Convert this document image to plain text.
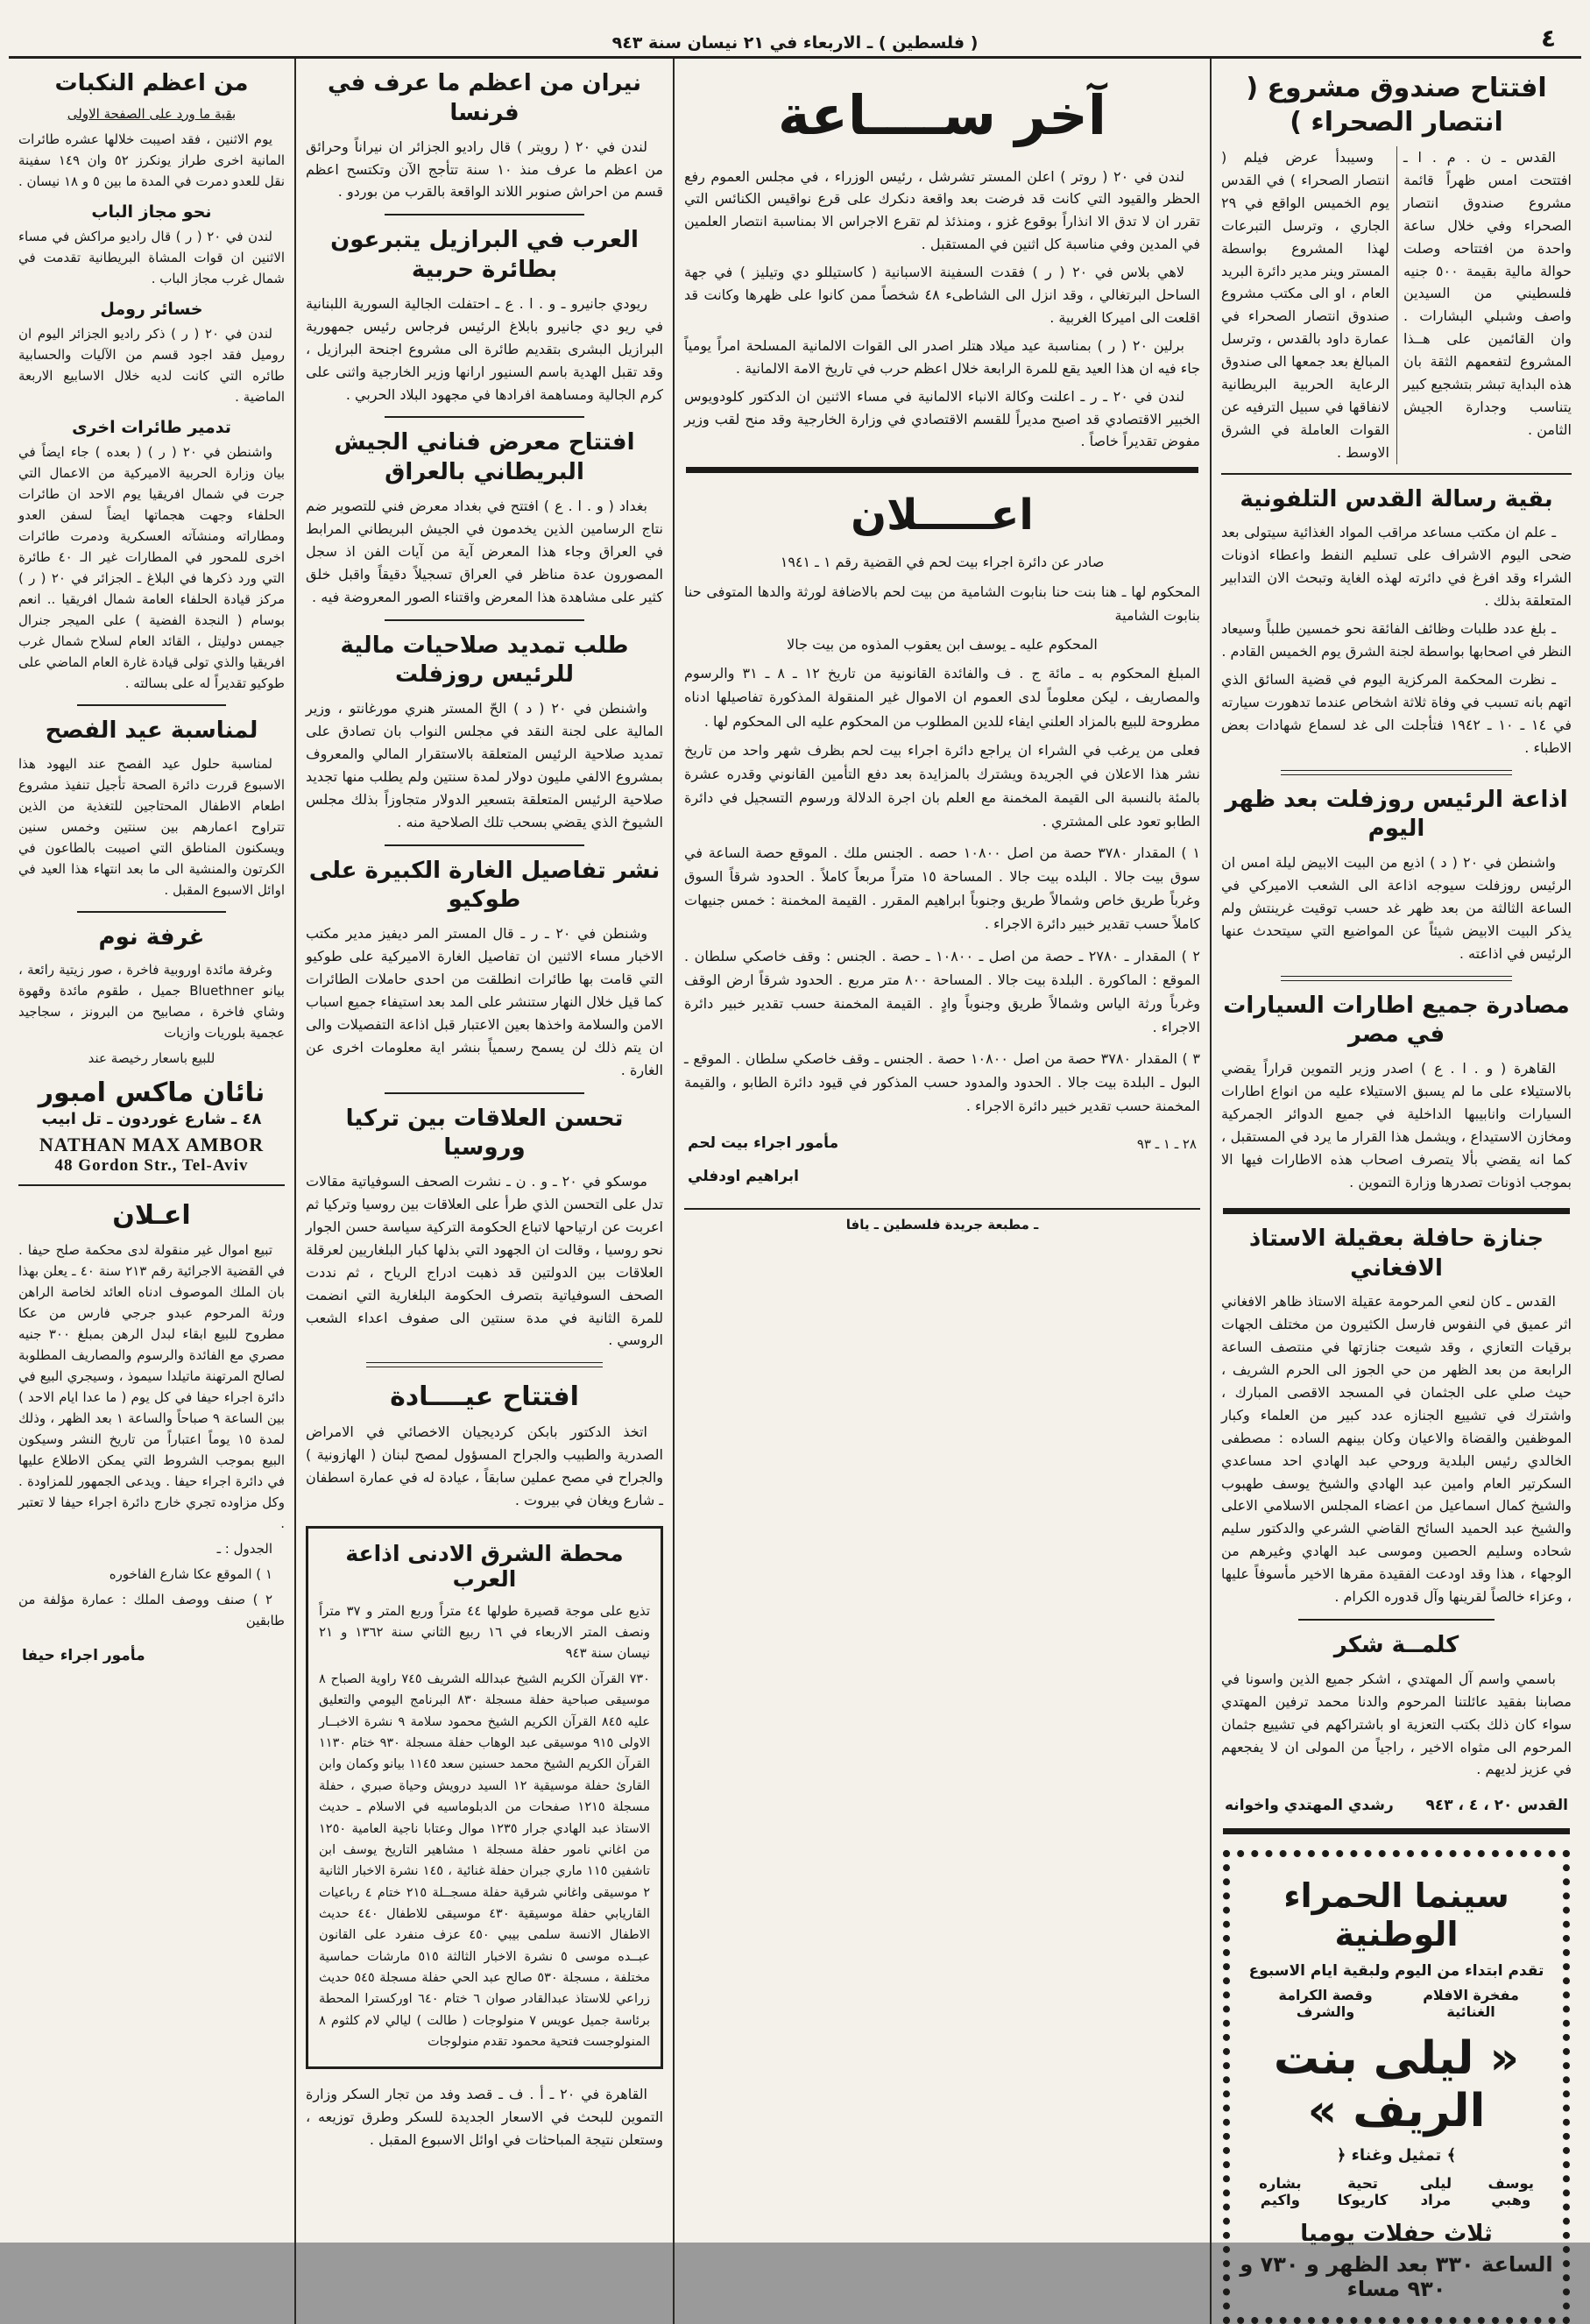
٤
( فلسطين ) ـ الاربعاء في ٢١ نيسان سنة ٩٤٣
افتتاح صندوق مشروع ( انتصار الصحراء )

القدس ـ ن . م . ا ـ افتتحت امس ظهراً قائمة مشروع صندوق انتصار الصحراء وفي خلال ساعة واحدة من افتتاحه وصلت حوالة مالية بقيمة ٥٠٠ جنيه فلسطيني من السيدين واصف وشبلي البشارات . وان القائمين على هــذا المشروع لتفعمهم الثقة بان هذه البداية تبشر بتشجيع كبير يتناسب وجدارة الجيش الثامن .

وسيبدأ عرض فيلم ( انتصار الصحراء ) في القدس يوم الخميس الواقع في ٢٩ الجاري ، وترسل التبرعات لهذا المشروع بواسطة المستر وينر مدير دائرة البريد العام ، او الى مكتب مشروع صندوق انتصار الصحراء في عمارة داود بالقدس ، وترسل المبالغ بعد جمعها الى صندوق الرعاية الحربية البريطانية لانفاقها في سبيل الترفيه عن القوات العاملة في الشرق الاوسط .

بقية رسالة القدس التلفونية

ـ علم ان مكتب مساعد مراقب المواد الغذائية سيتولى بعد ضحى اليوم الاشراف على تسليم النفط واعطاء اذونات الشراء وقد افرغ في دائرته لهذه الغاية وتبحث الان التدابير المتعلقة بذلك .

ـ بلغ عدد طلبات وظائف الفائقة نحو خمسين طلباً وسيعاد النظر في اصحابها بواسطة لجنة الشرق يوم الخميس القادم .

ـ نظرت المحكمة المركزية اليوم في قضية السائق الذي اتهم بانه تسبب في وفاة ثلاثة اشخاص عندما تدهورت سيارته في ١٤ ـ ١٠ ـ ١٩٤٢ فتأجلت الى غد لسماع شهادات بعض الاطباء .

اذاعة الرئيس روزفلت بعد ظهر اليوم

واشنطن في ٢٠ ( د ) اذيع من البيت الابيض ليلة امس ان الرئيس روزفلت سيوجه اذاعة الى الشعب الاميركي في الساعة الثالثة من بعد ظهر غد حسب توقيت غرينتش ولم يذكر البيت الابيض شيئاً عن المواضيع التي سيتحدث عنها الرئيس في اذاعته .

مصادرة جميع اطارات السيارات في مصر

القاهرة ( و . ا . ع ) اصدر وزير التموين قراراً يقضي بالاستيلاء على ما لم يسبق الاستيلاء عليه من انواع اطارات السيارات وانابيبها الداخلية في جميع الدوائر الجمركية ومخازن الاستيداع ، ويشمل هذا القرار ما يرد في المستقبل ، كما انه يقضي بألا يتصرف اصحاب هذه الاطارات فيها الا بموجب اذونات تصدرها وزارة التموين .

جنازة حافلة بعقيلة الاستاذ الافغاني

القدس ـ كان لنعي المرحومة عقيلة الاستاذ ظاهر الافغاني اثر عميق في النفوس فارسل الكثيرون من مختلف الجهات برقيات التعازي ، وقد شيعت جنازتها في منتصف الساعة الرابعة من بعد الظهر من حي الجوز الى الحرم الشريف ، حيث صلي على الجثمان في المسجد الاقصى المبارك ، واشترك في تشييع الجنازه عدد كبير من العلماء وكبار الموظفين والقضاة والاعيان وكان بينهم الساده : مصطفى الخالدي رئيس البلدية وروحي عبد الهادي احد مساعدي السكرتير العام وامين عبد الهادي والشيخ يوسف طهبوب والشيخ كمال اسماعيل من اعضاء المجلس الاسلامي الاعلى والشيخ عبد الحميد السائح القاضي الشرعي والدكتور سليم شحاده وسليم الحصين وموسى عبد الهادي وغيرهم من الوجهاء ، هذا وقد اودعت الفقيدة مقرها الاخير مأسوفاً عليها ، وعزاء خالصاً لقرينها وآل قدوره الكرام .

كلمــة شكر

باسمي واسم آل المهتدي ، اشكر جميع الذين واسونا في مصابنا بفقيد عائلتنا المرحوم والدنا محمد ترفين المهتدي سواء كان ذلك بكتب التعزية او باشتراكهم في تشييع جثمان المرحوم الى مثواه الاخير ، راجياً من المولى ان لا يفجعهم في عزيز لديهم .

القدس ٢٠ ، ٤ ، ٩٤٣
رشدي المهتدي واخوانه
سينما الحمراء الوطنية
تقدم ابتداء من اليوم ولبقية ايام الاسبوع
مفخرة الافلام الغنائية
وقصة الكرامة والشرف
« ليلى بنت الريف »
﴾ تمثيل وغناء ﴿
يوسف وهبي
ليلى مراد
تحية كاريوكا
بشاره واكيم
ثلاث حفلات يوميا
الساعة ٣٣٠ بعد الظهر و ٧٣٠ و ٩٣٠ مساء
آخر ســــاعة

لندن في ٢٠ ( روتر ) اعلن المستر تشرشل ، رئيس الوزراء ، في مجلس العموم رفع الحظر والقيود التي كانت قد فرضت بعد واقعة دنكرك على قرع نواقيس الكنائس التي تقرر ان لا تدق الا انذاراً بوقوع غزو ، ومنذئذ لم تقرع الاجراس الا بمناسبة انتصار العلمين في المدين وفي مناسبة كل اثنين في المستقبل .

لاهي بلاس في ٢٠ ( ر ) فقدت السفينة الاسبانية ( كاستيللو دي وتيليز ) في جهة الساحل البرتغالي ، وقد انزل الى الشاطىء ٤٨ شخصاً ممن كانوا على ظهرها وكانت قد اقلعت الى اميركا الغربية .

برلين ٢٠ ( ر ) بمناسبة عيد ميلاد هتلر اصدر الى القوات الالمانية المسلحة امراً يومياً جاء فيه ان هذا العيد يقع للمرة الرابعة خلال اعظم حرب في تاريخ الامة الالمانية .

لندن في ٢٠ ـ ر ـ اعلنت وكالة الانباء الالمانية في مساء الاثنين ان الدكتور كلودويوس الخبير الاقتصادي قد اصبح مديراً للقسم الاقتصادي في وزارة الخارجية وقد منح لقب وزير مفوض تقديراً خاصاً .

اعـــــلان

صادر عن دائرة اجراء بيت لحم في القضية رقم ١ ـ ١٩٤١

المحكوم لها ـ هنا بنت حنا بنابوت الشامية من بيت لحم بالاضافة لورثة والدها المتوفى حنا بنابوت الشامية

المحكوم عليه ـ يوسف ابن يعقوب المذوه من بيت جالا

المبلغ المحكوم به ـ مائة ج . ف والفائدة القانونية من تاريخ ١٢ ـ ٨ ـ ٣١ والرسوم والمصاريف ، ليكن معلوماً لدى العموم ان الاموال غير المنقولة المذكورة تفاصيلها ادناه مطروحة للبيع بالمزاد العلني ايفاء للدين المطلوب من المحكوم عليه الى المحكوم لها .

فعلى من يرغب في الشراء ان يراجع دائرة اجراء بيت لحم بظرف شهر واحد من تاريخ نشر هذا الاعلان في الجريدة ويشترك بالمزايدة بعد دفع التأمين القانوني وقدره عشرة بالمئة بالنسبة الى القيمة المخمنة مع العلم بان اجرة الدلالة ورسوم التسجيل في دائرة الطابو تعود على المشتري .

١ ) المقدار ٣٧٨٠ حصة من اصل ١٠٨٠٠ حصه . الجنس ملك . الموقع حصة الساعة في سوق بيت جالا . البلده بيت جالا . المساحة ١٥ متراً مربعاً كاملاً . الحدود شرقاً السوق وغرباً طريق خاص وشمالاً طريق وجنوباً ابراهيم المقرر . القيمة المخمنة : خمس جنيهات كاملاً حسب تقدير خبير دائرة الاجراء .

٢ ) المقدار ـ ٢٧٨٠ ـ حصة من اصل ـ ١٠٨٠٠ ـ حصة . الجنس : وقف خاصكي سلطان . الموقع : الماكورة . البلدة بيت جالا . المساحة ٨٠٠ متر مربع . الحدود شرقاً ارض الوقف وغرباً ورثة الياس وشمالاً طريق وجنوباً وادٍ . القيمة المخمنة حسب تقدير خبير دائرة الاجراء .

٣ ) المقدار ٣٧٨٠ حصة من اصل ١٠٨٠٠ حصة . الجنس ـ وقف خاصكي سلطان . الموقع ـ البول ـ البلدة بيت جالا . الحدود والمدود حسب المذكور في قيود دائرة الطابو ، والقيمة المخمنة حسب تقدير خبير دائرة الاجراء .

٢٨ ـ ١ ـ ٩٣
مأمور اجراء بيت لحم
ابراهيم اودفلي
ـ مطبعة جريدة فلسطين ـ يافا
نيران من اعظم ما عرف في فرنسا

لندن في ٢٠ ( رويتر ) قال راديو الجزائر ان نيراناً وحرائق من اعظم ما عرف منذ ١٠ سنة تتأجج الآن وتكتسح اعظم قسم من احراش صنوبر اللاند الواقعة بالقرب من بوردو .

العرب في البرازيل يتبرعون بطائرة حربية

ريودي جانيرو ـ و . ا . ع ـ احتفلت الجالية السورية اللبنانية في ريو دي جانيرو بابلاغ الرئيس فرجاس رئيس جمهورية البرازيل البشرى بتقديم طائرة الى مشروع اجنحة البرازيل ، وقد تقبل الهدية باسم السنيور ارانها وزير الخارجية واثنى على كرم الجالية ومساهمة افرادها في مجهود البلاد الحربي .

افتتاح معرض فناني الجيش البريطاني بالعراق

بغداد ( و . ا . ع ) افتتح في بغداد معرض فني للتصوير ضم نتاج الرسامين الذين يخدمون في الجيش البريطاني المرابط في العراق وجاء هذا المعرض آية من آيات الفن اذ سجل المصورون عدة مناظر في العراق تسجيلاً دقيقاً واقبل خلق كثير على مشاهدة هذا المعرض واقتناء الصور المعروضة فيه .

طلب تمديد صلاحيات مالية للرئيس روزفلت

واشنطن في ٢٠ ( د ) الحّ المستر هنري مورغانتو ، وزير المالية على لجنة النقد في مجلس النواب بان تصادق على تمديد صلاحية الرئيس المتعلقة بالاستقرار المالي والمعروف بمشروع الالفي مليون دولار لمدة سنتين ولم يطلب منها تجديد صلاحية الرئيس المتعلقة بتسعير الدولار متجاوزاً بذلك مجلس الشيوخ الذي يقضي بسحب تلك الصلاحية منه .

نشر تفاصيل الغارة الكبيرة على طوكيو

وشنطن في ٢٠ ـ ر ـ قال المستر المر ديفيز مدير مكتب الاخبار مساء الاثنين ان تفاصيل الغارة الاميركية على طوكيو التي قامت بها طائرات انطلقت من احدى حاملات الطائرات كما قيل خلال النهار ستنشر على المد بعد استيفاء جميع اسباب الامن والسلامة واخذها بعين الاعتبار قبل اذاعة التفصيلات والى ان يتم ذلك لن يسمح رسمياً بنشر اية معلومات اخرى عن الغارة .

تحسن العلاقات بين تركيا وروسيا

موسكو في ٢٠ ـ و . ن ـ نشرت الصحف السوفياتية مقالات تدل على التحسن الذي طرأ على العلاقات بين روسيا وتركيا ثم اعربت عن ارتياحها لاتباع الحكومة التركية سياسة حسن الجوار نحو روسيا ، وقالت ان الجهود التي بذلها كبار البلغاريين لعرقلة العلاقات بين الدولتين قد ذهبت ادراج الرياح ، ثم نددت الصحف السوفياتية بتصرف الحكومة البلغارية التي انضمت للمرة الثانية في مدة سنتين الى صفوف اعداء الشعب الروسي .

افتتاح عيــــادة

اتخذ الدكتور بابكن كرديجيان الاخصائي في الامراض الصدرية والطبيب والجراح المسؤول لمصح لبنان ( الهازونية ) والجراح في مصح عملين سابقاً ، عيادة له في عمارة اسطفان ـ شارع ويغان في بيروت .

محطة الشرق الادنى اذاعة العرب

تذيع على موجة قصيرة طولها ٤٤ متراً وربع المتر و ٣٧ متراً ونصف المتر الاربعاء في ١٦ ربيع الثاني سنة ١٣٦٢ و ٢١ نيسان سنة ٩٤٣

٧٣٠ القرآن الكريم الشيخ عبدالله الشريف ٧٤٥ راوية الصباح ٨ موسيقى صباحية حفلة مسجلة ٨٣٠ البرنامج اليومي والتعليق عليه ٨٤٥ القرآن الكريم الشيخ محمود سلامة ٩ نشرة الاخبــار الاولى ٩١٥ موسيقى عبد الوهاب حفلة مسجلة ٩٣٠ ختام ١١٣٠ القرآن الكريم الشيخ محمد حسنين سعد ١١٤٥ بيانو وكمان وابن القارئ حفلة موسيقية ١٢ السيد درويش وحياة صبري ، حفلة مسجلة ١٢١٥ صفحات من الدبلوماسيه في الاسلام ـ حديث الاستاذ عبد الهادي جرار ١٢٣٥ موال وعتابا ناجية العامية ١٢٥٠ من اغاني نامور حفلة مسجلة ١ مشاهير التاريخ يوسف ابن تاشفين ١١٥ ماري جبران حفلة غنائية ، ١٤٥ نشرة الاخبار الثانية ٢ موسيقى واغاني شرقية حفلة مسجــلة ٢١٥ ختام ٤ رباعيات القاريابي حفلة موسيقية ٤٣٠ موسيقى للاطفال ٤٤٠ حديث الاطفال الانسة سلمى بيبي ٤٥٠ عزف منفرد على القانون عبــده موسى ٥ نشرة الاخبار الثالثة ٥١٥ مارشات حماسية مختلفة ، مسجلة ٥٣٠ صالح عبد الحي حفلة مسجلة ٥٤٥ حديث زراعي للاستاذ عبدالقادر صوان ٦ ختام ٦٤٠ اوركسترا المحطة برئاسة جميل عويس ٧ منولوجات ( طالت ) ليالي لام كلثوم ٨ المنولوجست فتحية محمود تقدم منولوجات

القاهرة في ٢٠ ـ أ . ف ـ قصد وفد من تجار السكر وزارة التموين للبحث في الاسعار الجديدة للسكر وطرق توزيعه ، وستعلن نتيجة المباحثات في اوائل الاسبوع المقبل .

من اعظم النكبات
بقية ما ورد على الصفحة الاولى

يوم الاثنين ، فقد اصيبت خلالها عشره طائرات المانية اخرى طراز يونكرز ٥٢ وان ١٤٩ سفينة نقل للعدو دمرت في المدة ما بين ٥ و ١٨ نيسان .

نحو مجاز الباب

لندن في ٢٠ ( ر ) قال راديو مراكش في مساء الاثنين ان قوات المشاة البريطانية تقدمت في شمال غرب مجاز الباب .

خسائر رومل

لندن في ٢٠ ( ر ) ذكر راديو الجزائر اليوم ان روميل فقد اجود قسم من الآليات والحسابية طائره التي كانت لديه خلال الاسابيع الاربعة الماضية .

تدمير طائرات اخرى

واشنطن في ٢٠ ( ر ) ( بعده ) جاء ايضاً في بيان وزارة الحربية الاميركية من الاعمال التي جرت في شمال افريقيا يوم الاحد ان طائرات الحلفاء وجهت هجماتها ايضاً لسفن العدو ومطاراته ومنشآته العسكرية ودمرت طائرات اخرى للمحور في المطارات غير الـ ٤٠ طائرة التي ورد ذكرها في البلاغ ـ الجزائر في ٢٠ ( ر ) مركز قيادة الحلفاء العامة شمال افريقيا .. انعم بوسام ( النجدة الفضية ) على الميجر جنرال جيمس دوليتل ، القائد العام لسلاح شمال غرب افريقيا والذي تولى قيادة غارة العام الماضي على طوكيو تقديراً له على بسالته .

لمناسبة عيد الفصح

لمناسبة حلول عيد الفصح عند اليهود هذا الاسبوع قررت دائرة الصحة تأجيل تنفيذ مشروع اطعام الاطفال المحتاجين للتغذية من الذين تتراوح اعمارهم بين سنتين وخمس سنين ويسكنون المناطق التي اصيبت بالطاعون في الكرتون والمنشية الى ما بعد انتهاء هذا العيد في اوائل الاسبوع المقبل .

غرفة نوم

وغرفة مائدة اوروبية فاخرة ، صور زيتية رائعة ، بيانو Bluethner جميل ، طقوم مائدة وقهوة وشاي فاخرة ، مصابيح من البرونز ، سجاجيد عجمية بلوريات وازيات

للبيع باسعار رخيصة عند

نائان ماكس امبور
٤٨ ـ شارع غوردون ـ تل ابيب
NATHAN MAX AMBOR
48 Gordon Str., Tel-Aviv
اعـلان

تبيع اموال غير منقولة لدى محكمة صلح حيفا . في القضية الاجرائية رقم ٢١٣ سنة ٤٠ ـ يعلن بهذا بان الملك الموصوف ادناه العائد لخاصة الراهن ورثة المرحوم عبدو جرجي فارس من عكا مطروح للبيع ابقاء لبدل الرهن بمبلغ ٣٠٠ جنيه مصري مع الفائدة والرسوم والمصاريف المطلوبة لصالح المرتهنة ماتيلدا سيموذ ، وسيجري البيع في دائرة اجراء حيفا في كل يوم ( ما عدا ايام الاحد ) بين الساعة ٩ صباحاً والساعة ١ بعد الظهر ، وذلك لمدة ١٥ يوماً اعتباراً من تاريخ النشر وسيكون البيع بموجب الشروط التي يمكن الاطلاع عليها في دائرة اجراء حيفا . ويدعى الجمهور للمزاودة . وكل مزاوده تجري خارج دائرة اجراء حيفا لا تعتبر .

الجدول : ـ

١ ) الموقع عكا شارع الفاخوره

٢ ) صنف ووصف الملك : عمارة مؤلفة من طابقين

مأمور اجراء حيفا
